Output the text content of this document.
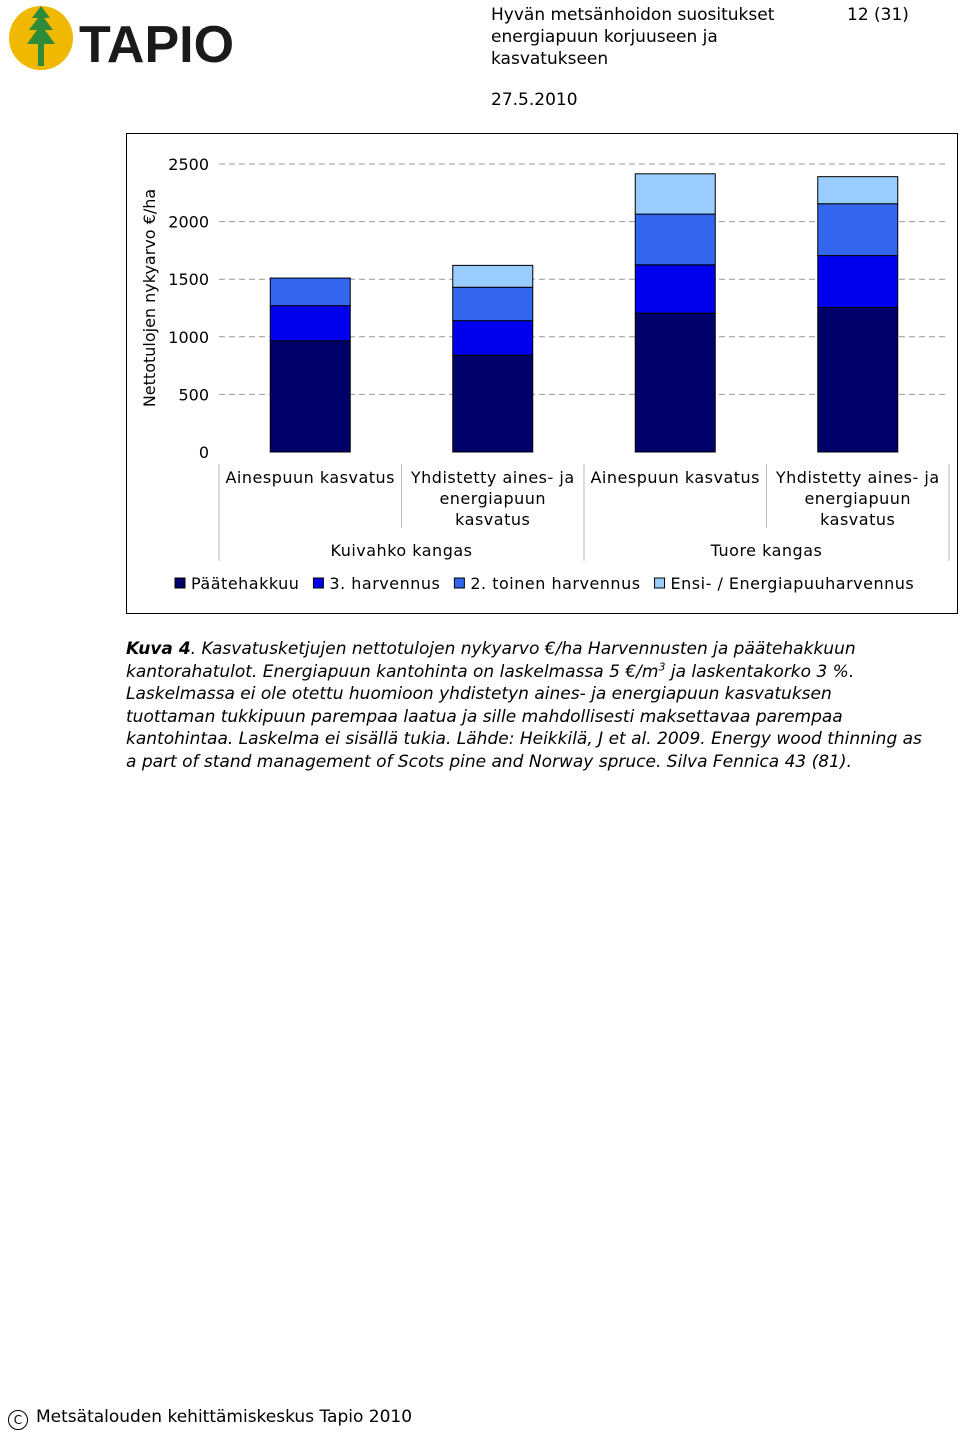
TAPIO
Hyvän metsänhoidon suositukset
energiapuun korjuuseen ja
kasvatukseen
12 (31)
27.5.2010
0
500
1000
1500
2000
2500
Nettotulojen nykyarvo €/ha
Ainespuun kasvatus Yhdistetty aines- ja
energiapuun
kasvatus
Ainespuun kasvatus Yhdistetty aines- ja
energiapuun
kasvatus
Kuivahko kangas	Tuore kangas
Päätehakkuu 3. harvennus 2. toinen harvennus Ensi- / Energiapuuharvennus
Kuva 4. Kasvatusketjujen nettotulojen nykyarvo €/ha Harvennusten ja päätehakkuun kantorahatulot. Energiapuun kantohinta on laskelmassa 5 $€/m^3$ ja laskentakorko 3 %. Laskelmassa ei ole otettu huomioon yhdistetyn aines- ja energiapuun kasvatuksen tuottaman tukkipuun parempaa laatua ja sille mahdollisesti maksettavaa parempaa kantohintaa. Laskelma ei sisällä tukia. Lähde: Heikkilä, J et al. 2009. Energy wood thinning as a part of stand management of Scots pine and Norway spruce. Silva Fennica 43 (81).
C Metsätalouden kehittämiskeskus Tapio 2010
